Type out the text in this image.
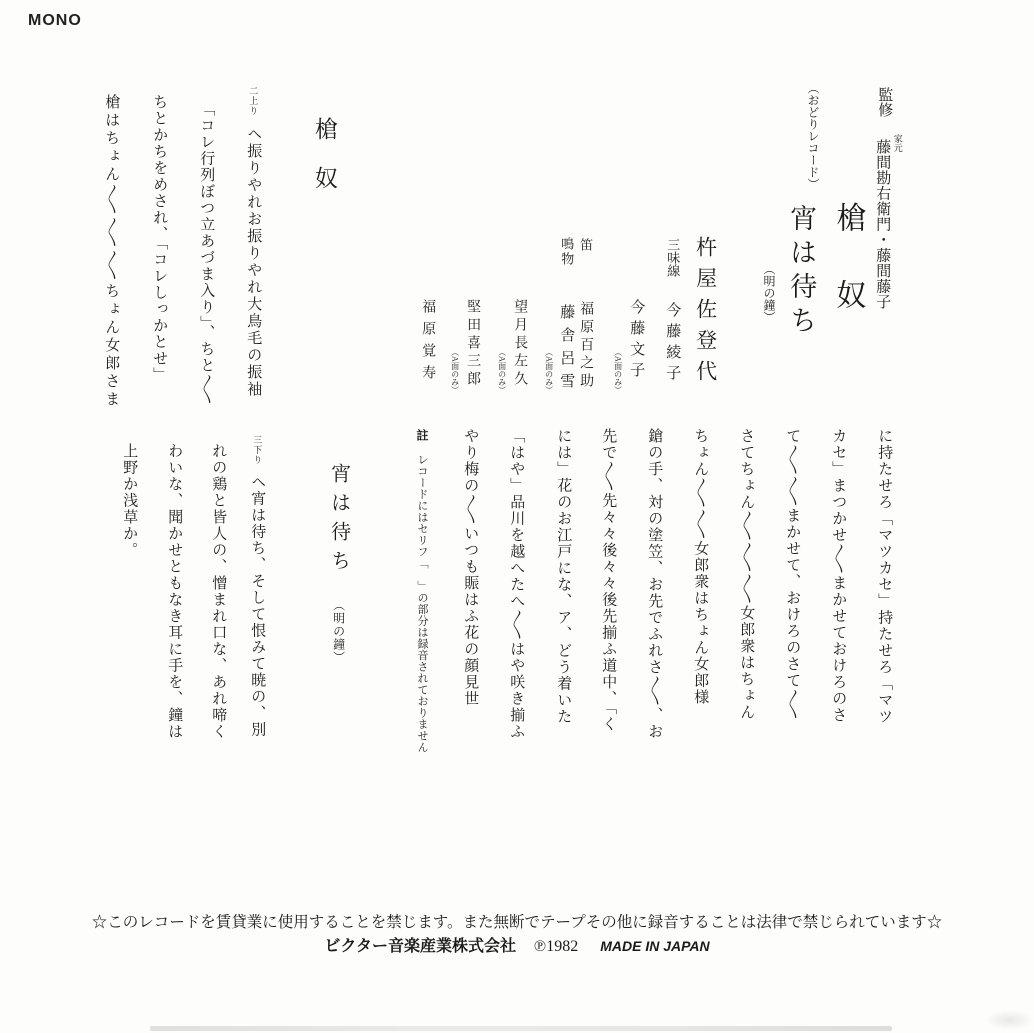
MONO
監修
家元
藤間勘右衛門・藤間藤子
（おどりレコード）
槍奴
宵は待ち
（明の鐘）
杵屋佐登代
三味線 今藤綾子
今藤文子
（A面のみ）
笛 福原百之助
鳴物 藤舎呂雪
（A面のみ）
望月長左久
（A面のみ）
堅田喜三郎
（A面のみ）
福原覚寿
槍奴
二上り ヘ振りやれお振りやれ大鳥毛の振袖
「コレ行列ぼつ立あづま入り」、ちと〱
ちとかちをめされ、「コレしっかとせ」
槍はちょん〱〱〱ちょん女郎さま
に持たせろ「マツカセ」持たせろ「マツ
カセ」まつかせ〱まかせておけろのさ
て〱〱まかせて、おけろのさて〱
さてちょん〱〱〱女郎衆はちょん
ちょん〱〱女郎衆はちょん女郎様
鎗の手、対の塗笠、お先でふれさ〱、お
先で〱先々々後々々後先揃ふ道中、「く
には」花のお江戸にな、ア、どう着いた
「はや」品川を越へたへ〱はや咲き揃ふ
やり梅の〱いつも賑はふ花の顔見世
註 レコードにはセリフ「　」の部分は録音されておりません
宵は待ち （明の鐘）
三下り ヘ宵は待ち、そして恨みて暁の、別
れの鶏と皆人の、憎まれ口な、あれ啼く
わいな、聞かせともなき耳に手を、鐘は
上野か浅草か。
☆このレコードを賃貸業に使用することを禁じます。また無断でテープその他に録音することは法律で禁じられています☆
ビクター音楽産業株式会社 ℗1982 MADE IN JAPAN
